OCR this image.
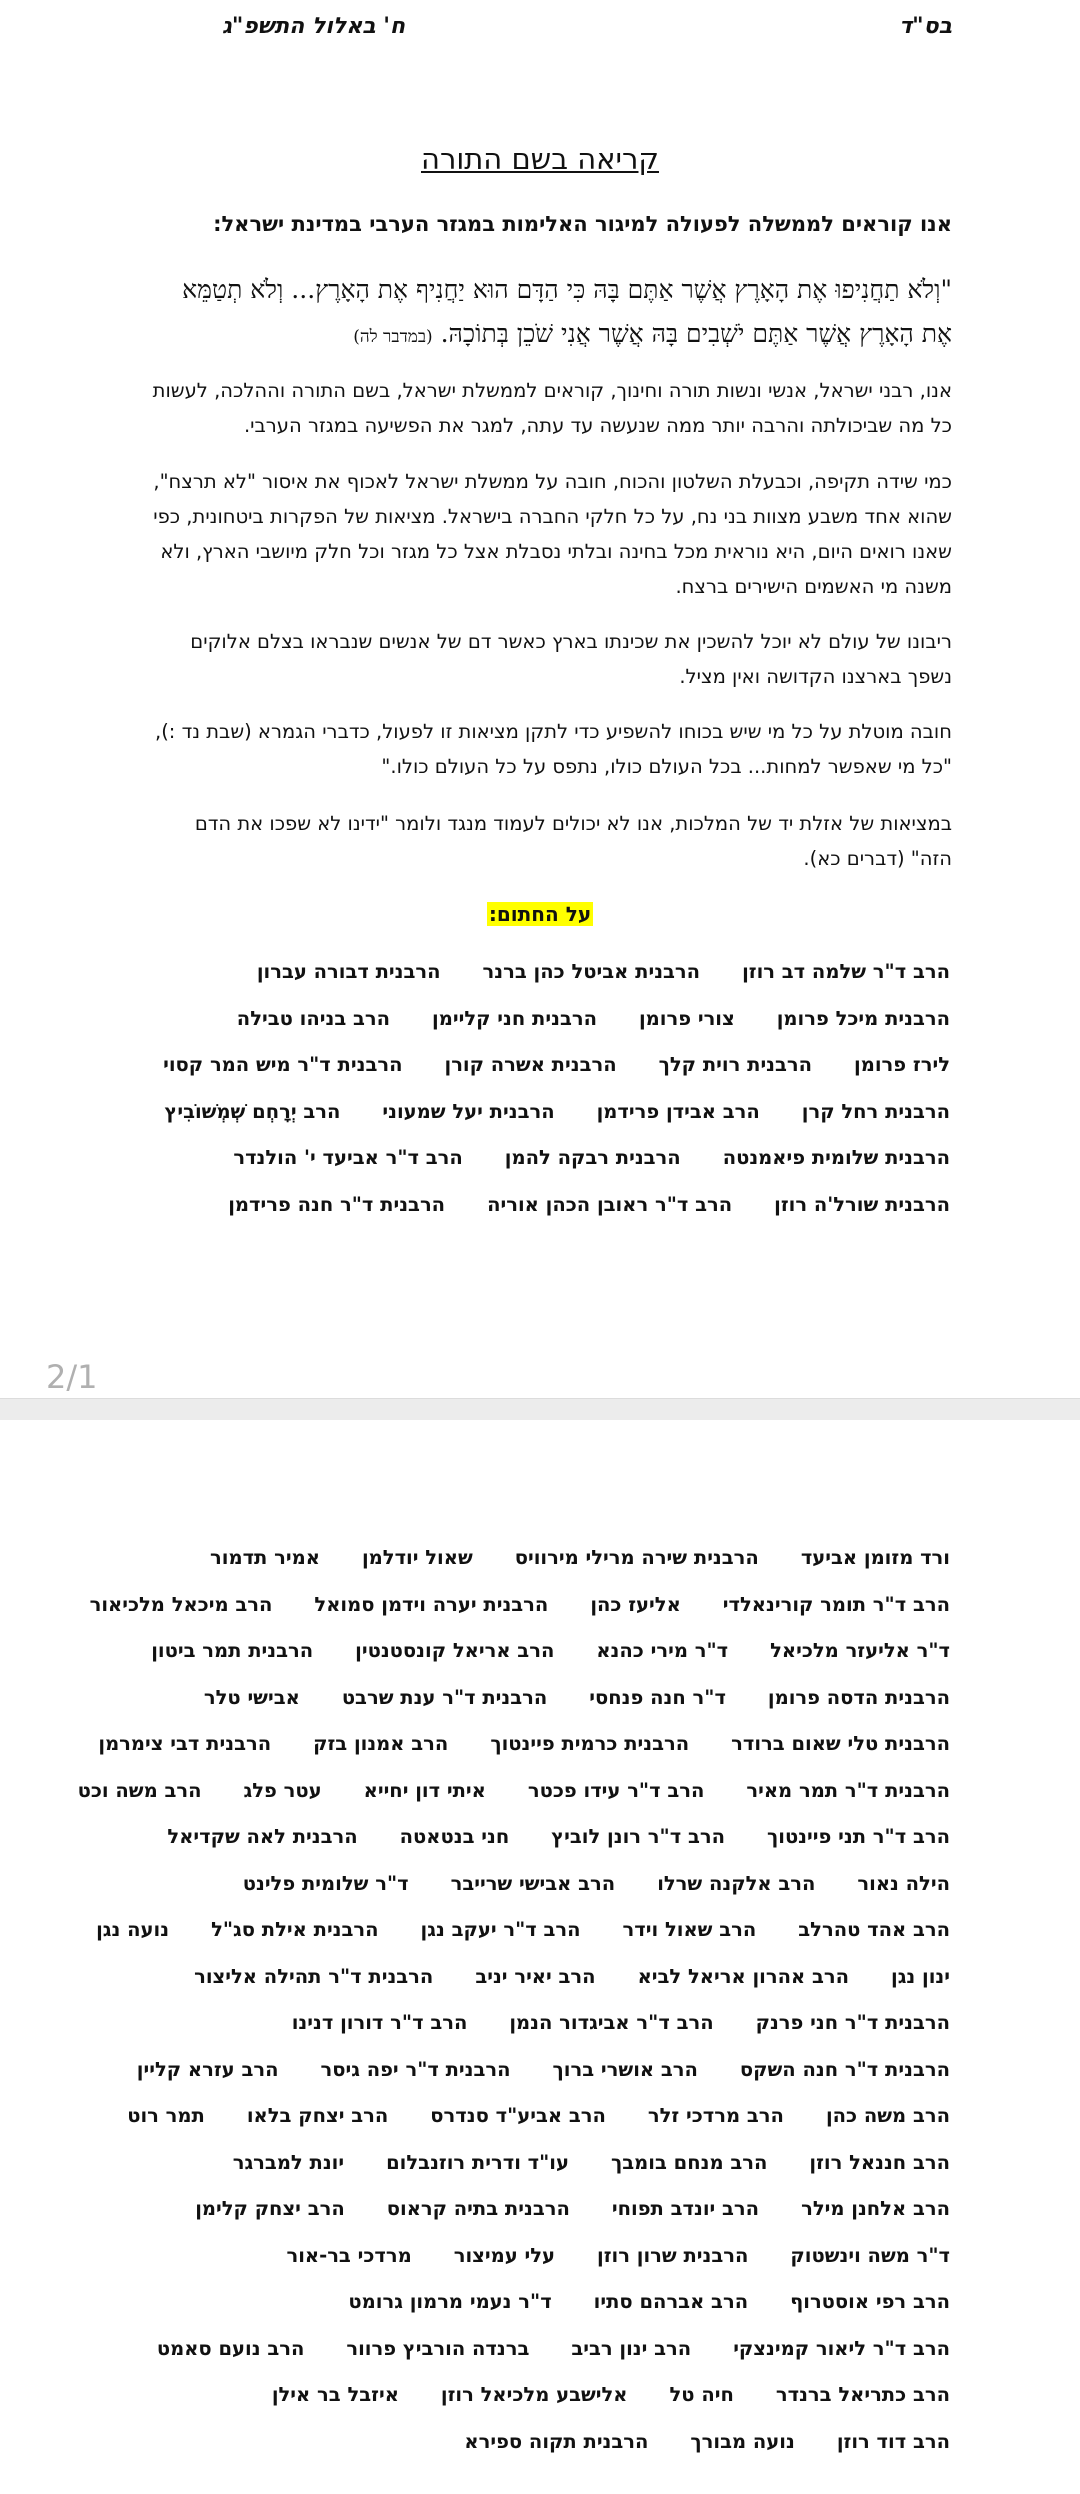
בס"ד
ח' באלול התשפ"ג
קריאה בשם התורה
אנו קוראים לממשלה לפעולה למיגור האלימות במגזר הערבי במדינת ישראל:
"וְלֹא תַחֲנִיפוּ אֶת הָאָרֶץ אֲשֶׁר אַתֶּם בָּהּ כִּי הַדָּם הוּא יַחֲנִיף אֶת הָאָרֶץ... וְלֹא תְטַמֵּא אֶת הָאָרֶץ אֲשֶׁר אַתֶּם יֹשְׁבִים בָּהּ אֲשֶׁר אֲנִי שֹׁכֵן בְּתוֹכָהּ. (במדבר לה)
אנו, רבני ישראל, אנשי ונשות תורה וחינוך, קוראים לממשלת ישראל, בשם התורה וההלכה, לעשות כל מה שביכולתה והרבה יותר ממה שנעשה עד עתה, למגר את הפשיעה במגזר הערבי.
כמי שידה תקיפה, וכבעלת השלטון והכוח, חובה על ממשלת ישראל לאכוף את איסור "לא תרצח", שהוא אחד משבע מצוות בני נח, על כל חלקי החברה בישראל. מציאות של הפקרות ביטחונית, כפי שאנו רואים היום, היא נוראית מכל בחינה ובלתי נסבלת אצל כל מגזר וכל חלק מיושבי הארץ, ולא משנה מי האשמים הישירים ברצח.
ריבונו של עולם לא יוכל להשכין את שכינתו בארץ כאשר דם של אנשים שנבראו בצלם אלוקים נשפך בארצנו הקדושה ואין מציל.
חובה מוטלת על כל מי שיש בכוחו להשפיע כדי לתקן מציאות זו לפעול, כדברי הגמרא (שבת נד :), "כל מי שאפשר למחות... בכל העולם כולו, נתפס על כל העולם כולו."
במציאות של אזלת יד של המלכות, אנו לא יכולים לעמוד מנגד ולומר "ידינו לא שפכו את הדם הזה" (דברים כא).
על החתום:
הרב ד"ר שלמה דב רוזן
הרבנית אביטל כהן ברנר
הרבנית דבורה עברון
הרבנית מיכל פרומן
צורי פרומן
הרבנית חני קליימן
הרב בניהו טבילה
לירז פרומן
הרבנית רוית קלך
הרבנית אשרה קורן
הרבנית ד"ר מיש המר קסוי
הרבנית רחל קרן
הרב אבידן פרידמן
הרבנית יעל שמעוני
הרב יְרָחְם שְׁמְשׁוֹבִיץ
הרבנית שלומית פיאמנטה
הרבנית רבקה להמן
הרב ד"ר אביעד י' הולנדר
הרבנית שורל'ה רוזן
הרב ד"ר ראובן הכהן אוריה
הרבנית ד"ר חנה פרידמן
2/1
ורד מזומן אביעד
הרבנית שירה מרילי מירוויס
שאול יודלמן
אמיר תדמור
הרב ד"ר תומר קורינאלדי
אליעז כהן
הרבנית יערה וידמן סמואל
הרב מיכאל מלכיאור
ד"ר אליעזר מלכיאל
ד"ר מירי כהנא
הרב אריאל קונסטנטין
הרבנית תמר ביטון
הרבנית הדסה פרומן
ד"ר חנה פנחסי
הרבנית ד"ר ענת שרבט
אבישי טלר
הרבנית טלי שאום ברודר
הרבנית כרמית פיינטוך
הרב אמנון בזק
הרבנית דבי צימרמן
הרבנית ד"ר תמר מאיר
הרב ד"ר עידו פכטר
איתי דון יחייא
עטר פלג
הרב משה וכט
הרב ד"ר תני פיינטוך
הרב ד"ר רונן לוביץ
חני בנטאטה
הרבנית לאה שקדיאל
הילה נאור
הרב אלקנה שרלו
הרב אבישי שרייבר
ד"ר שלומית פלינט
הרב אהד טהרלב
הרב שאול וידר
הרב ד"ר יעקב נגן
הרבנית אילת סג"ל
נועה נגן
ינון נגן
הרב אהרון אריאל לביא
הרב יאיר יניב
הרבנית ד"ר תהילה אליצור
הרבנית ד"ר חני פרנק
הרב ד"ר אביגדור הנמן
הרב ד"ר דורון דנינו
הרבנית ד"ר חנה השקס
הרב אושרי ברוך
הרבנית ד"ר יפה גיסר
הרב עזרא קליין
הרב משה כהן
הרב מרדכי זלר
הרב אביע"ד סנדרס
הרב יצחק בלאו
תמר רוט
הרב חננאל רוזן
הרב מנחם בומבך
עו"ד ודרית רוזנבלום
יונת למברגר
הרב אלחנן מילר
הרב יונדב תפוחי
הרבנית בתיה קראוס
הרב יצחק קלימן
ד"ר משה וינשטוק
הרבנית שרון רוזן
עלי עמיצור
מרדכי בר-אור
הרב רפי אוסטרוף
הרב אברהם סתיו
ד"ר נעמי מרמון גרומט
הרב ד"ר ליאור קמינצקי
הרב ינון רביב
ברנדה הורביץ פרוור
הרב נועם סאמט
הרב כתריאל ברנדר
חיה טל
אלישבע מלכיאל רוזן
איזבל בר אילן
הרב דוד רוזן
נועה מבורך
הרבנית תקוה ספירא
